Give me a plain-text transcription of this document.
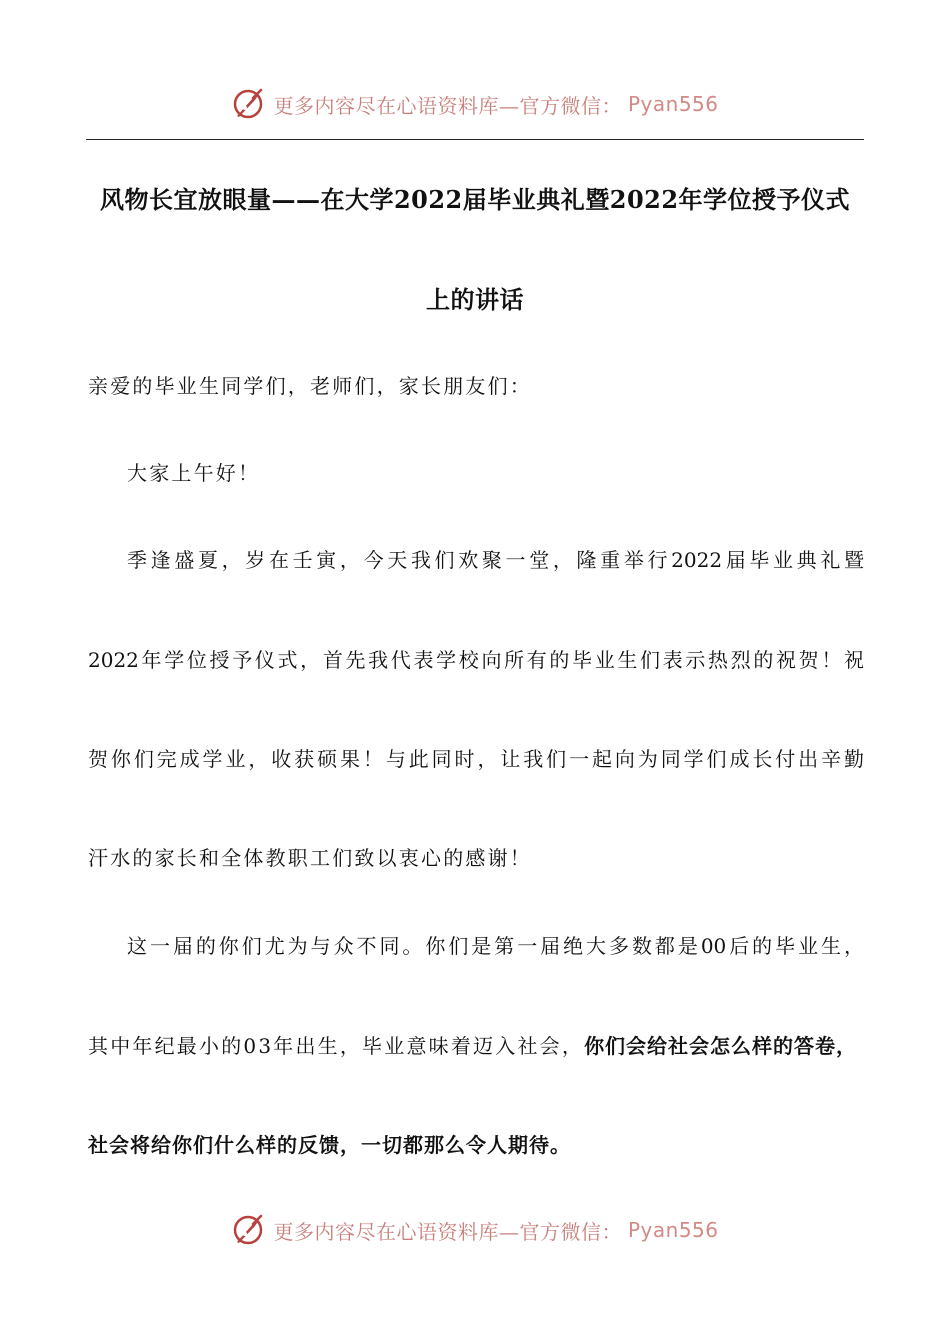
更多内容尽在心语资料库—官方微信： Pyan556
风物长宜放眼量——在大学2022届毕业典礼暨2022年学位授予仪式
上的讲话
亲爱的毕业生同学们，老师们，家长朋友们：
大家上午好！
季逢盛夏，岁在壬寅，今天我们欢聚一堂，隆重举行2022届毕业典礼暨
2022年学位授予仪式，首先我代表学校向所有的毕业生们表示热烈的祝贺！祝
贺你们完成学业，收获硕果！与此同时，让我们一起向为同学们成长付出辛勤
汗水的家长和全体教职工们致以衷心的感谢！
这一届的你们尤为与众不同。你们是第一届绝大多数都是00后的毕业生，
其中年纪最小的03年出生，毕业意味着迈入社会，你们会给社会怎么样的答卷，
社会将给你们什么样的反馈，一切都那么令人期待。
更多内容尽在心语资料库—官方微信： Pyan556
